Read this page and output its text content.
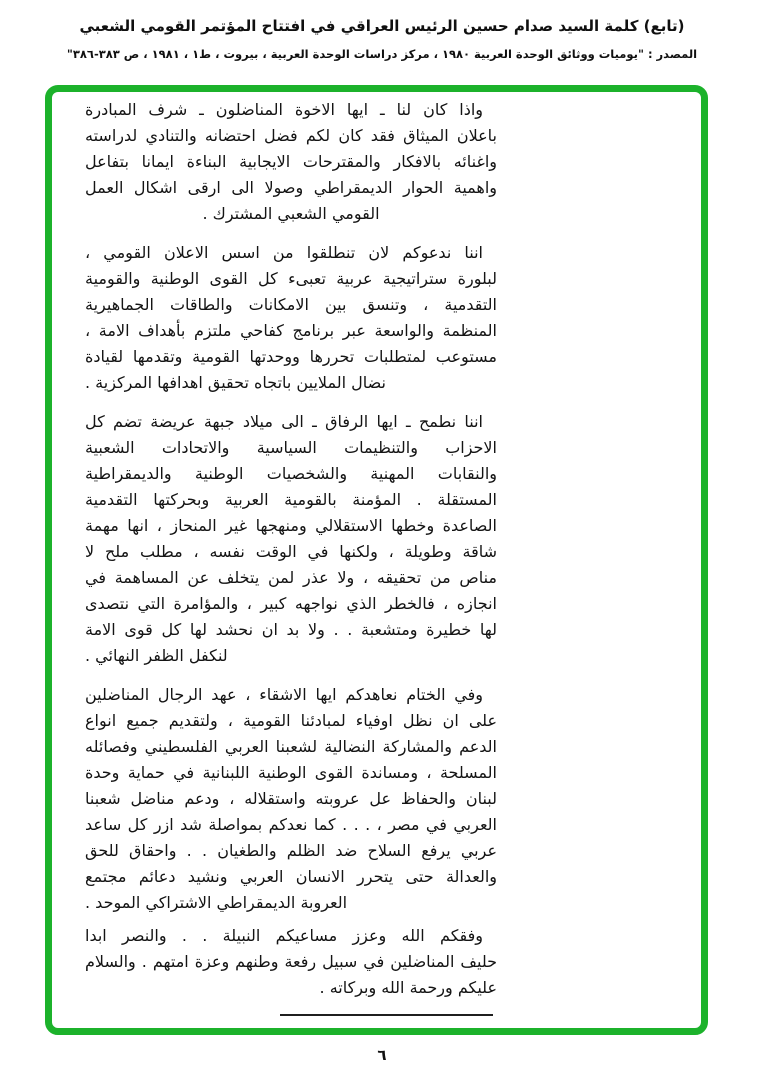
(تابع) كلمة السيد صدام حسين الرئيس العراقي في افتتاح المؤتمر القومي الشعبي
المصدر : "يوميات ووثائق الوحدة العربية ١٩٨٠ ، مركز دراسات الوحدة العربية ، بيروت ، ط١ ، ١٩٨١ ، ص ٣٨٣-٣٨٦"
واذا كان لنا ـ ايها الاخوة المناضلون ـ شرف المبادرة
باعلان الميثاق فقد كان لكم فضل احتضانه والتنادي لدراسته
واغنائه بالافكار والمقترحات الايجابية البناءة ايمانا بتفاعل
واهمية الحوار الديمقراطي وصولا الى ارقى اشكال العمل
القومي الشعبي المشترك .
اننا ندعوكم لان تنطلقوا من اسس الاعلان القومي ،
لبلورة ستراتيجية عربية تعبىء كل القوى الوطنية والقومية
التقدمية ، وتنسق بين الامكانات والطاقات الجماهيرية
المنظمة والواسعة عبر برنامج كفاحي ملتزم بأهداف الامة ،
مستوعب لمتطلبات تحررها ووحدتها القومية وتقدمها لقيادة
نضال الملايين باتجاه تحقيق اهدافها المركزية .
اننا نطمح ـ ايها الرفاق ـ الى ميلاد جبهة عريضة تضم كل
الاحزاب والتنظيمات السياسية والاتحادات الشعبية
والنقابات المهنية والشخصيات الوطنية والديمقراطية
المستقلة . المؤمنة بالقومية العربية وبحركتها التقدمية
الصاعدة وخطها الاستقلالي ومنهجها غير المنحاز ، انها مهمة
شاقة وطويلة ، ولكنها في الوقت نفسه ، مطلب ملح لا
مناص من تحقيقه ، ولا عذر لمن يتخلف عن المساهمة في
انجازه ، فالخطر الذي نواجهه كبير ، والمؤامرة التي نتصدى
لها خطيرة ومتشعبة . . ولا بد ان نحشد لها كل قوى الامة
لنكفل الظفر النهائي .
وفي الختام نعاهدكم ايها الاشقاء ، عهد الرجال المناضلين
على ان نظل اوفياء لمبادئنا القومية ، ولتقديم جميع انواع
الدعم والمشاركة النضالية لشعبنا العربي الفلسطيني وفصائله
المسلحة ، ومساندة القوى الوطنية اللبنانية في حماية وحدة
لبنان والحفاظ عل عروبته واستقلاله ، ودعم مناضل شعبنا
العربي في مصر ، . . . كما نعدكم بمواصلة شد ازر كل ساعد
عربي يرفع السلاح ضد الظلم والطغيان . . واحقاق للحق
والعدالة حتى يتحرر الانسان العربي ونشيد دعائم مجتمع
العروبة الديمقراطي الاشتراكي الموحد .
وفقكم الله وعزز مساعيكم النبيلة . . والنصر ابدا
حليف المناضلين في سبيل رفعة وطنهم وعزة امتهم . والسلام
عليكم ورحمة الله وبركاته .
٦
